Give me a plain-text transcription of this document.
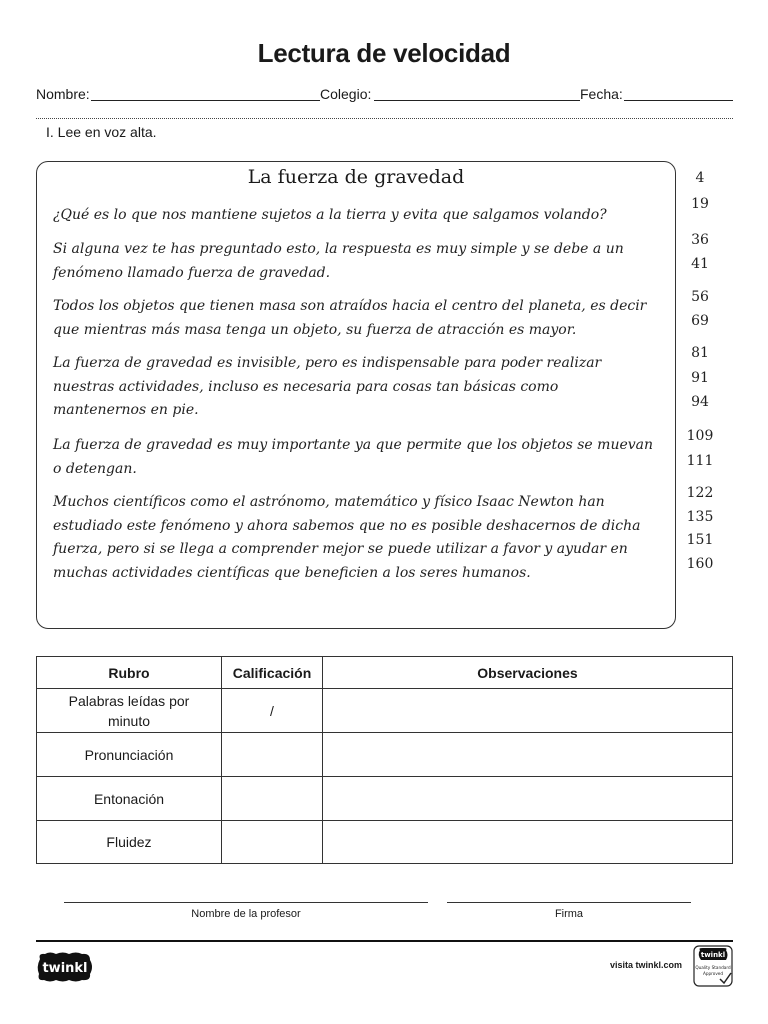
Lectura de velocidad
Nombre:	Colegio:	Fecha:
I. Lee en voz alta.
La fuerza de gravedad	4
¿Qué es lo que nos mantiene sujetos a la tierra y evita que salgamos volando?
19
Si alguna vez te has preguntado esto, la respuesta es muy simple y se debe a un
fenómeno llamado fuerza de gravedad.
36
41
Todos los objetos que tienen masa son atraídos hacia el centro del planeta, es decir
que mientras más masa tenga un objeto, su fuerza de atracción es mayor.
56
69
La fuerza de gravedad es invisible, pero es indispensable para poder realizar
nuestras actividades, incluso es necesaria para cosas tan básicas como
mantenernos en pie.
81
91
94
La fuerza de gravedad es muy importante ya que permite que los objetos se muevan
o detengan.
109
111
Muchos científicos como el astrónomo, matemático y físico Isaac Newton han
estudiado este fenómeno y ahora sabemos que no es posible deshacernos de dicha
fuerza, pero si se llega a comprender mejor se puede utilizar a favor y ayudar en
muchas actividades científicas que beneficien a los seres humanos.
122
135
151
160
Rubro	Calificación	Observaciones
Palabras leídas por minuto	/	
Pronunciación		
Entonación		
Fluidez		
Nombre de la profesor	Firma
twinkl	visita twinkl.com
twinkl
Quality Standard
Approved
